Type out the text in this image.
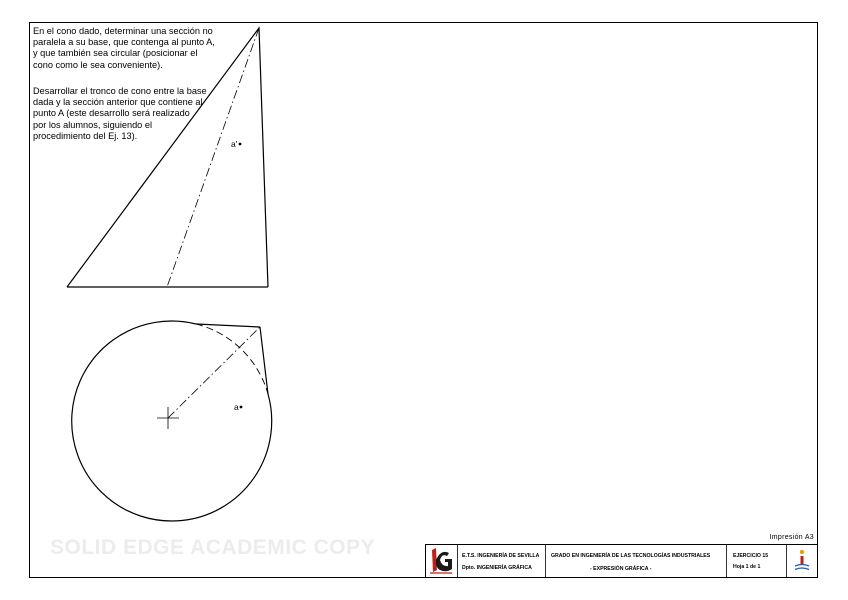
En el cono dado, determinar una sección no
paralela a su base, que contenga al punto A,
y que también sea circular (posicionar el
cono como le sea conveniente).
Desarrollar el tronco de cono entre la base
dada y la sección anterior que contiene al
punto A (este desarrollo será realizado
por los alumnos, siguiendo el
procedimiento del Ej. 13).
a'
a
SOLID EDGE ACADEMIC COPY	Impresión A3
E.T.S. INGENIERÍA DE SEVILLA
Dpto. INGENIERÍA GRÁFICA
GRADO EN INGENIERÍA DE LAS TECNOLOGÍAS INDUSTRIALES
- EXPRESIÓN GRÁFICA -
EJERCICIO 15
Hoja 1 de 1
